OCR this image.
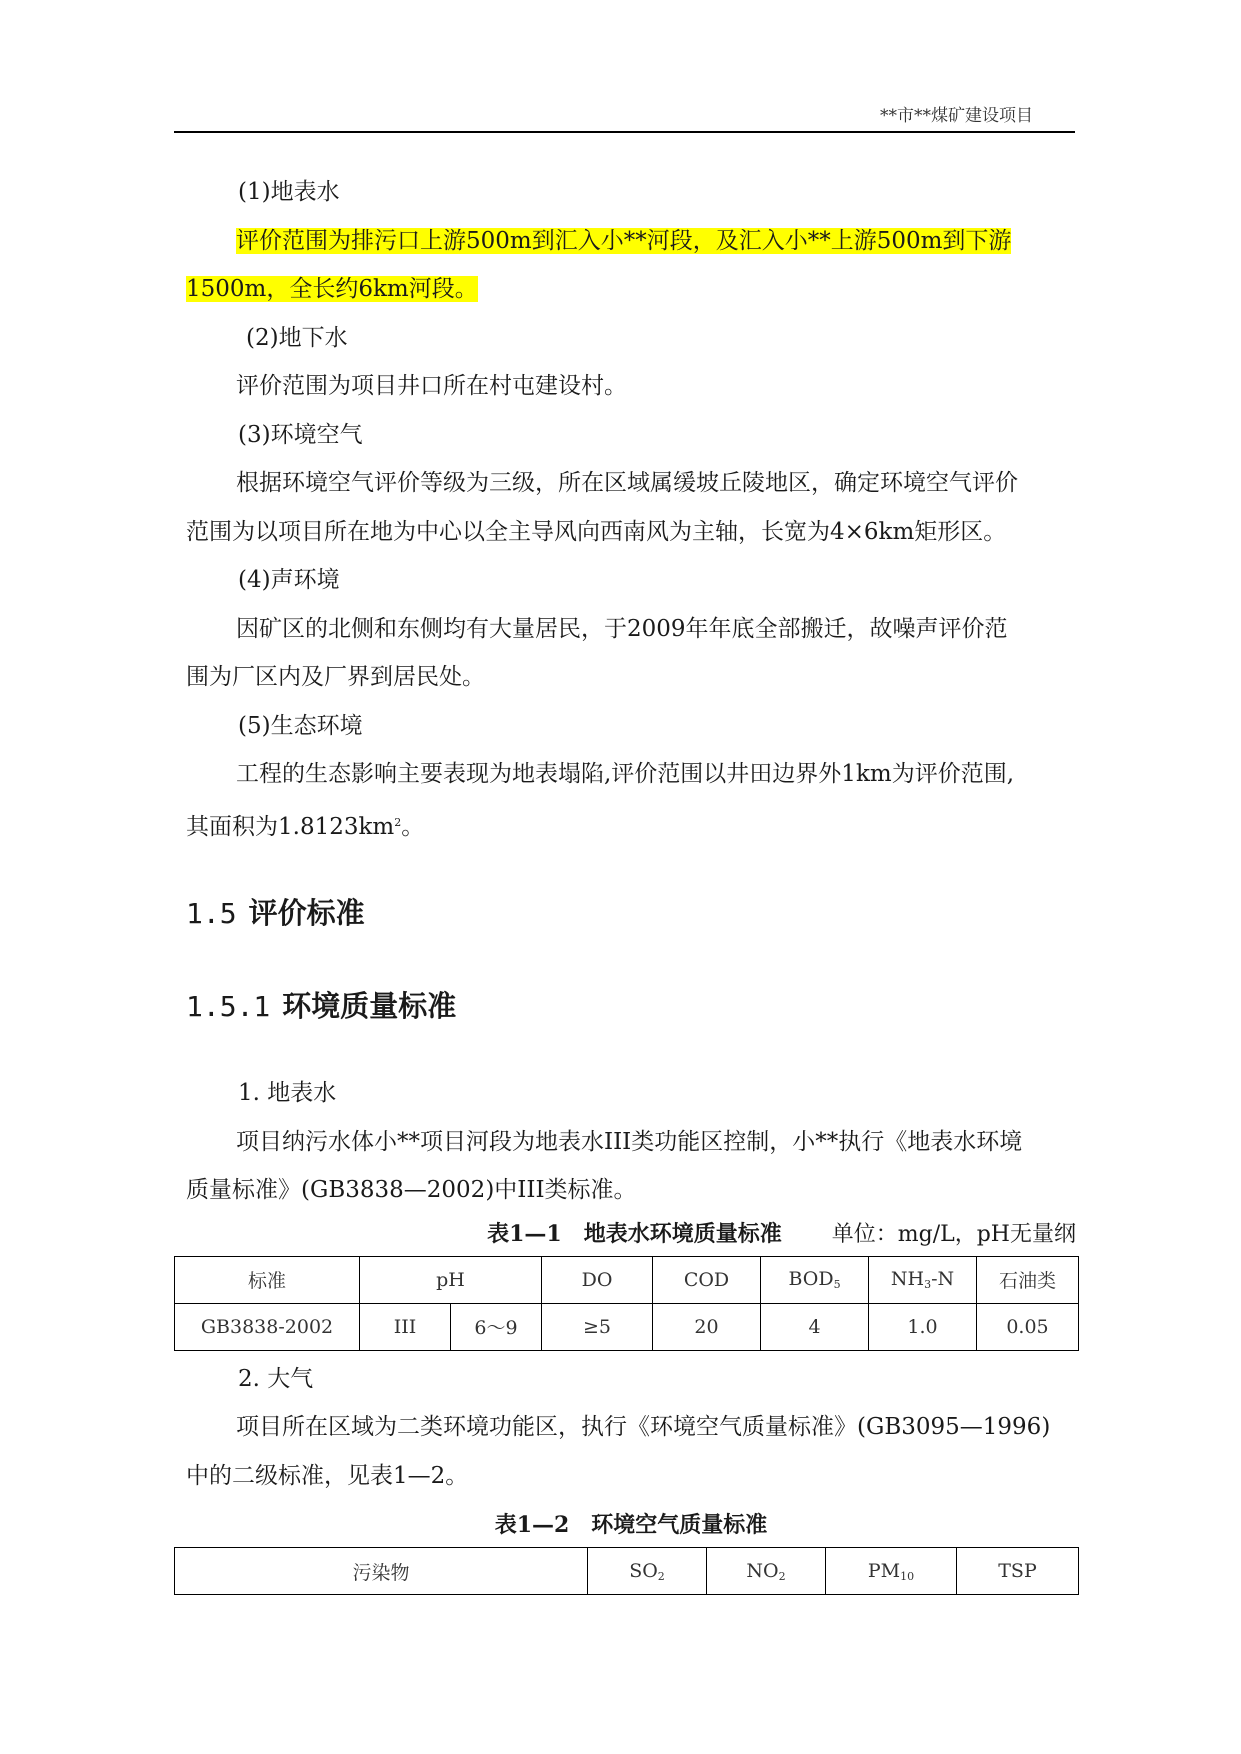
**市**煤矿建设项目

(1)地表水

评价范围为排污口上游500m到汇入小**河段，及汇入小**上游500m到下游
1500m，全长约6km河段。

(2)地下水

评价范围为项目井口所在村屯建设村。

(3)环境空气

根据环境空气评价等级为三级，所在区域属缓坡丘陵地区，确定环境空气评价
范围为以项目所在地为中心以全主导风向西南风为主轴，长宽为4×6km矩形区。

(4)声环境

因矿区的北侧和东侧均有大量居民，于2009年年底全部搬迁，故噪声评价范
围为厂区内及厂界到居民处。

(5)生态环境

工程的生态影响主要表现为地表塌陷,评价范围以井田边界外1km为评价范围,
其面积为$1.8123km^2$。

1.5 评价标准
1.5.1 环境质量标准

1. 地表水

项目纳污水体小**项目河段为地表水III类功能区控制，小**执行《地表水环境
质量标准》(GB3838—2002)中III类标准。

表1—1　地表水环境质量标准 单位：mg/L，pH无量纲

标准	pH		DO	COD	$BOD_5$	$NH_3-N$	石油类
GB3838-2002	III	6～9	≥5	20	4	1.0	0.05

2. 大气

项目所在区域为二类环境功能区，执行《环境空气质量标准》(GB3095—1996)
中的二级标准，见表1—2。

表1—2　环境空气质量标准

污染物	$SO_2$	$NO_2$	$PM_{10}$	TSP
